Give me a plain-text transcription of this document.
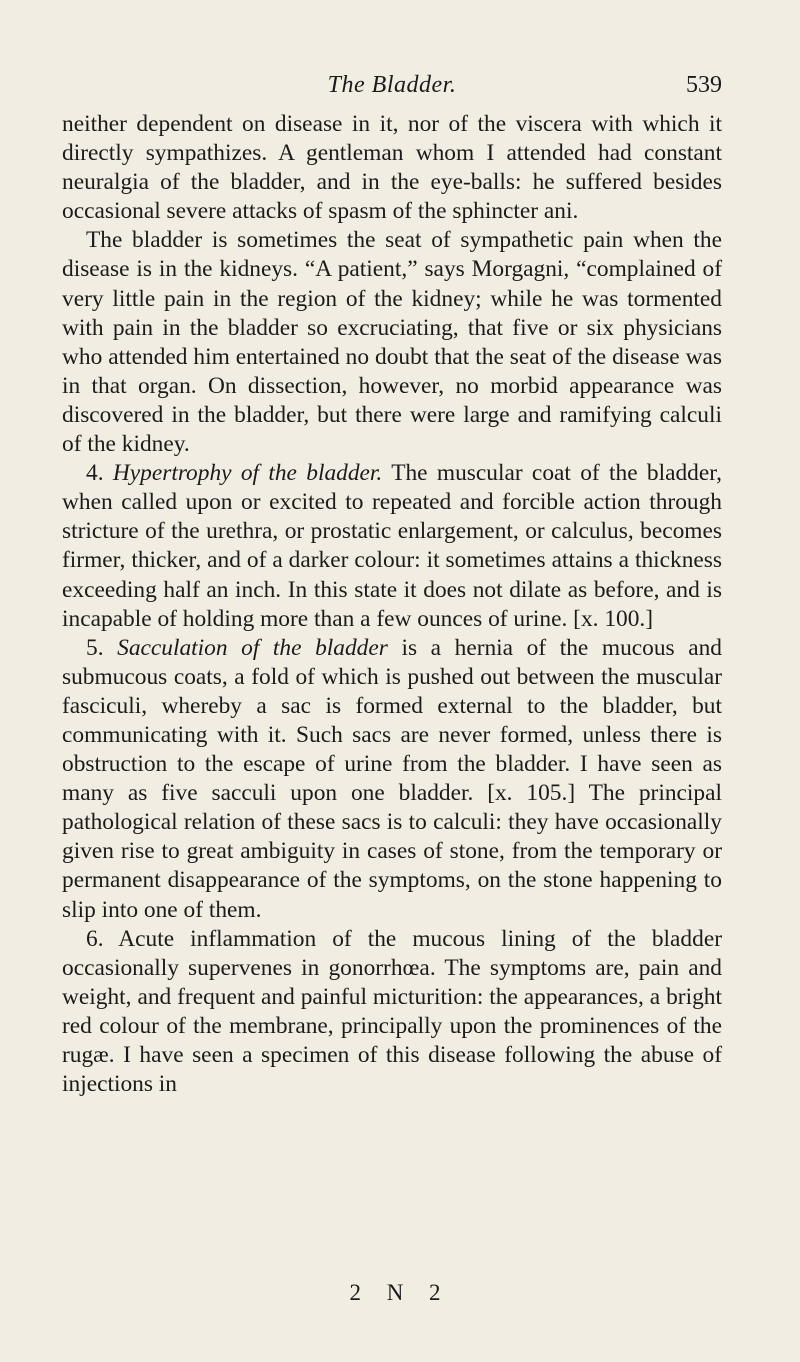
The Bladder.	539

neither dependent on disease in it, nor of the viscera with which it directly sympathizes. A gentleman whom I attended had constant neuralgia of the bladder, and in the eye-balls: he suffered besides occasional severe attacks of spasm of the sphincter ani.

The bladder is sometimes the seat of sympathetic pain when the disease is in the kidneys. “A patient,” says Morgagni, “complained of very little pain in the region of the kidney; while he was tormented with pain in the bladder so excruciating, that five or six physicians who attended him entertained no doubt that the seat of the disease was in that organ. On dissection, however, no morbid appearance was discovered in the bladder, but there were large and ramifying calculi of the kidney.

4. Hypertrophy of the bladder. The muscular coat of the bladder, when called upon or excited to repeated and forcible action through stricture of the urethra, or prostatic enlargement, or calculus, becomes firmer, thicker, and of a darker colour: it sometimes attains a thickness exceeding half an inch. In this state it does not dilate as before, and is incapable of holding more than a few ounces of urine. [x. 100.]

5. Sacculation of the bladder is a hernia of the mucous and submucous coats, a fold of which is pushed out between the muscular fasciculi, whereby a sac is formed external to the bladder, but communicating with it. Such sacs are never formed, unless there is obstruction to the escape of urine from the bladder. I have seen as many as five sacculi upon one bladder. [x. 105.] The principal pathological relation of these sacs is to calculi: they have occasionally given rise to great ambiguity in cases of stone, from the temporary or permanent disappearance of the symptoms, on the stone happening to slip into one of them.

6. Acute inflammation of the mucous lining of the bladder occasionally supervenes in gonorrhœa. The symptoms are, pain and weight, and frequent and painful micturition: the appearances, a bright red colour of the membrane, principally upon the prominences of the rugæ. I have seen a specimen of this disease following the abuse of injections in

2 N 2
